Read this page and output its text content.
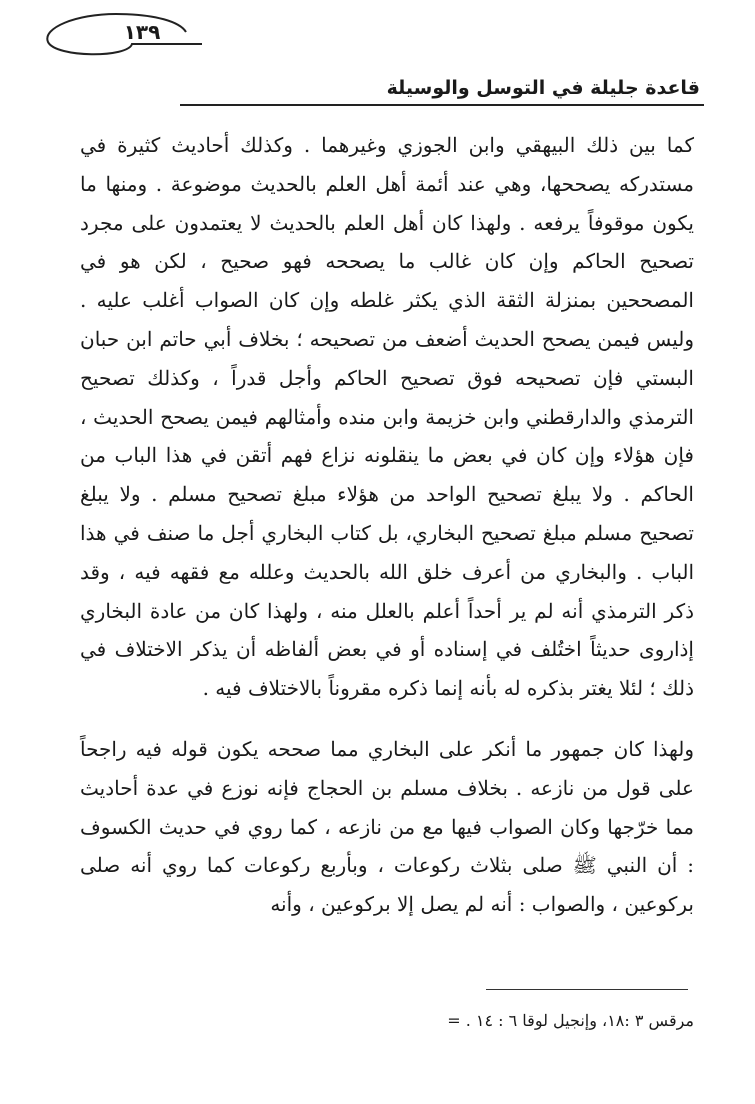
قاعدة جليلة في التوسل والوسيلة
١٣٩

كما بين ذلك البيهقي وابن الجوزي وغيرهما . وكذلك أحاديث كثيرة في مستدركه يصححها، وهي عند أئمة أهل العلم بالحديث موضوعة . ومنها ما يكون موقوفاً يرفعه . ولهذا كان أهل العلم بالحديث لا يعتمدون على مجرد تصحيح الحاكم وإن كان غالب ما يصححه فهو صحيح ، لكن هو في المصححين بمنزلة الثقة الذي يكثر غلطه وإن كان الصواب أغلب عليه . وليس فيمن يصحح الحديث أضعف من تصحيحه ؛ بخلاف أبي حاتم ابن حبان البستي فإن تصحيحه فوق تصحيح الحاكم وأجل قدراً ، وكذلك تصحيح الترمذي والدارقطني وابن خزيمة وابن منده وأمثالهم فيمن يصحح الحديث ، فإن هؤلاء وإن كان في بعض ما ينقلونه نزاع فهم أتقن في هذا الباب من الحاكم . ولا يبلغ تصحيح الواحد من هؤلاء مبلغ تصحيح مسلم . ولا يبلغ تصحيح مسلم مبلغ تصحيح البخاري، بل كتاب البخاري أجل ما صنف في هذا الباب . والبخاري من أعرف خلق الله بالحديث وعلله مع فقهه فيه ، وقد ذكر الترمذي أنه لم ير أحداً أعلم بالعلل منه ، ولهذا كان من عادة البخاري إذاروى حديثاً اختُلف في إسناده أو في بعض ألفاظه أن يذكر الاختلاف في ذلك ؛ لئلا يغتر بذكره له بأنه إنما ذكره مقروناً بالاختلاف فيه .

ولهذا كان جمهور ما أنكر على البخاري مما صححه يكون قوله فيه راجحاً على قول من نازعه . بخلاف مسلم بن الحجاج فإنه نوزع في عدة أحاديث مما خرّجها وكان الصواب فيها مع من نازعه ، كما روي في حديث الكسوف : أن النبي ﷺ صلى بثلاث ركوعات ، وبأربع ركوعات كما روي أنه صلى بركوعين ، والصواب : أنه لم يصل إلا بركوعين ، وأنه

مرقس ٣ :١٨، وإنجيل لوقا ٦ : ١٤ . =
